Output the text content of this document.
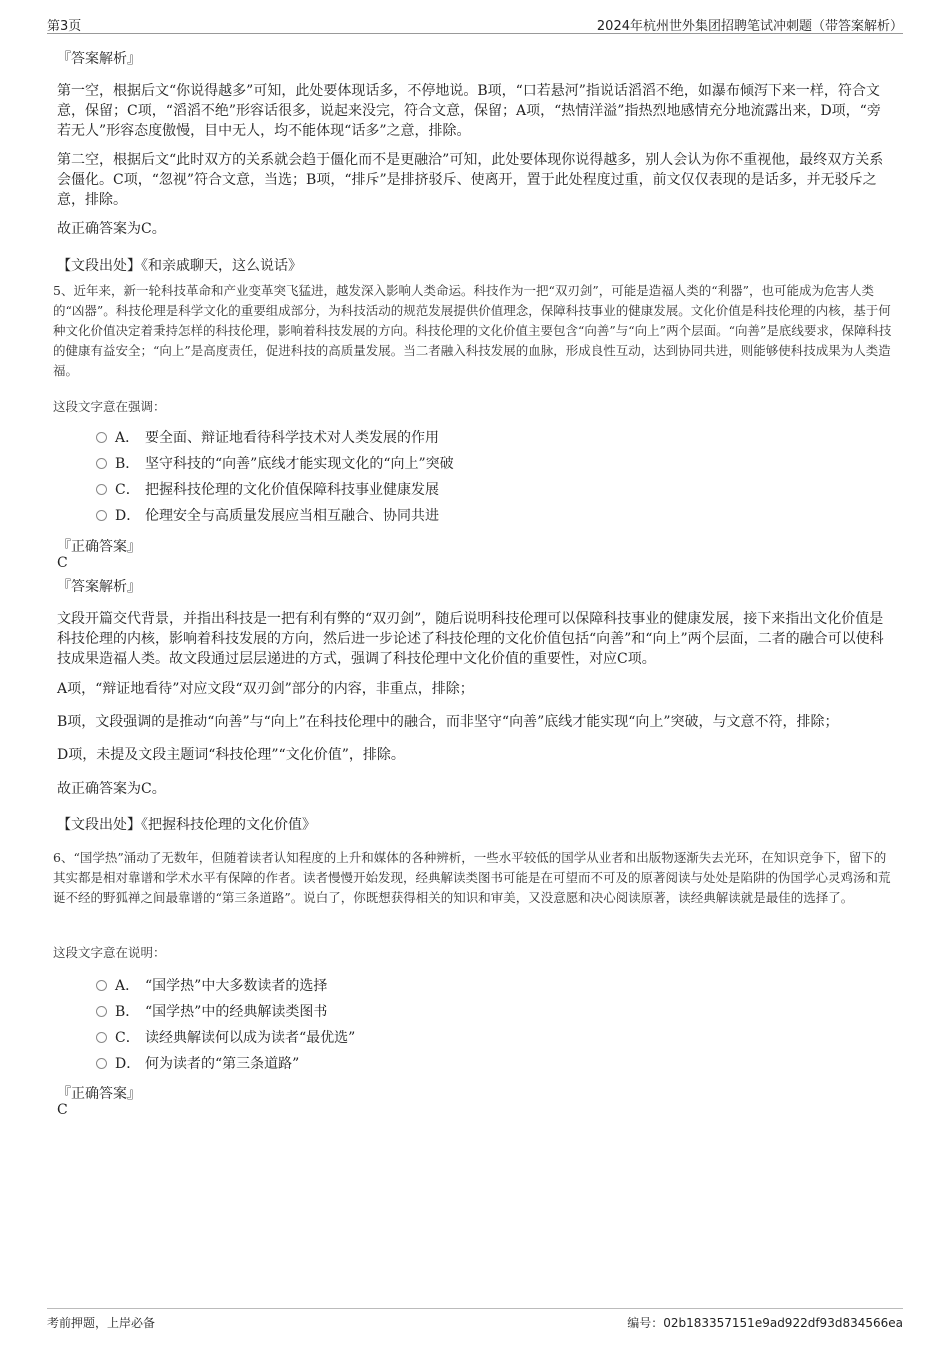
第3页	2024年杭州世外集团招聘笔试冲刺题（带答案解析）
『答案解析』

第一空，根据后文“你说得越多”可知，此处要体现话多，不停地说。B项，“口若悬河”指说话滔滔不绝，如瀑布倾泻下来一样，符合文意，保留；C项，“滔滔不绝”形容话很多，说起来没完，符合文意，保留；A项，“热情洋溢”指热烈地感情充分地流露出来，D项，“旁若无人”形容态度傲慢，目中无人，均不能体现“话多”之意，排除。

第二空，根据后文“此时双方的关系就会趋于僵化而不是更融洽”可知，此处要体现你说得越多，别人会认为你不重视他，最终双方关系会僵化。C项，“忽视”符合文意，当选；B项，“排斥”是排挤驳斥、使离开，置于此处程度过重，前文仅仅表现的是话多，并无驳斥之意，排除。

故正确答案为C。

【文段出处】《和亲戚聊天，这么说话》

5、近年来，新一轮科技革命和产业变革突飞猛进，越发深入影响人类命运。科技作为一把“双刃剑”，可能是造福人类的“利器”，也可能成为危害人类的“凶器”。科技伦理是科学文化的重要组成部分，为科技活动的规范发展提供价值理念，保障科技事业的健康发展。文化价值是科技伦理的内核，基于何种文化价值决定着秉持怎样的科技伦理，影响着科技发展的方向。科技伦理的文化价值主要包含“向善”与“向上”两个层面。“向善”是底线要求，保障科技的健康有益安全；“向上”是高度责任，促进科技的高质量发展。当二者融入科技发展的血脉，形成良性互动，达到协同共进，则能够使科技成果为人类造福。

这段文字意在强调：
A． 要全面、辩证地看待科学技术对人类发展的作用
B． 坚守科技的“向善”底线才能实现文化的“向上”突破
C． 把握科技伦理的文化价值保障科技事业健康发展
D． 伦理安全与高质量发展应当相互融合、协同共进
『正确答案』
C
『答案解析』

文段开篇交代背景，并指出科技是一把有利有弊的“双刃剑”，随后说明科技伦理可以保障科技事业的健康发展，接下来指出文化价值是科技伦理的内核，影响着科技发展的方向，然后进一步论述了科技伦理的文化价值包括“向善”和“向上”两个层面，二者的融合可以使科技成果造福人类。故文段通过层层递进的方式，强调了科技伦理中文化价值的重要性，对应C项。

A项，“辩证地看待”对应文段“双刃剑”部分的内容，非重点，排除；

B项，文段强调的是推动“向善”与“向上”在科技伦理中的融合，而非坚守“向善”底线才能实现“向上”突破，与文意不符，排除；

D项，未提及文段主题词“科技伦理”“文化价值”，排除。

故正确答案为C。

【文段出处】《把握科技伦理的文化价值》

6、“国学热”涌动了无数年，但随着读者认知程度的上升和媒体的各种辨析，一些水平较低的国学从业者和出版物逐渐失去光环，在知识竞争下，留下的其实都是相对靠谱和学术水平有保障的作者。读者慢慢开始发现，经典解读类图书可能是在可望而不可及的原著阅读与处处是陷阱的伪国学心灵鸡汤和荒诞不经的野狐禅之间最靠谱的“第三条道路”。说白了，你既想获得相关的知识和审美，又没意愿和决心阅读原著，读经典解读就是最佳的选择了。

这段文字意在说明：
A． “国学热”中大多数读者的选择
B． “国学热”中的经典解读类图书
C． 读经典解读何以成为读者“最优选”
D． 何为读者的“第三条道路”
『正确答案』
C
考前押题，上岸必备	编号：02b183357151e9ad922df93d834566ea
